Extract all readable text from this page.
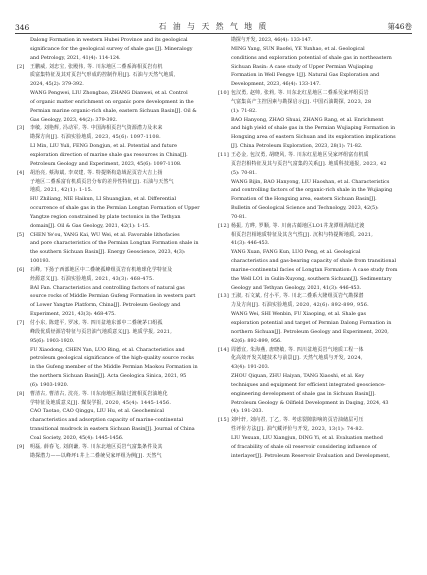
346	石 油 与 天 然 气 地 质	第46卷
Dalong Formation in western Hubei Province and its geological
significance for the geological survey of shale gas [J]. Mineralogy
and Petrology, 2021, 41(4): 114-124.
[2] 王鹏威, 刘忠宝, 张殿伟, 等. 川东地区二叠系海相页岩有机
质富集特征及其对页岩气形成的控制作用[J]. 石油与天然气地质,
2024, 45(2): 379-392.
WANG Pengwei, LIU Zhongbao, ZHANG Dianwei, et al. Control
of organic matter enrichment on organic pore development in the
Permian marine organic-rich shale, eastern Sichuan Basin[J]. Oil &
Gas Geology, 2023, 44(2): 379-392.
[3] 李敏, 刘艳辉, 冯动军, 等. 中国海相页岩气资源潜力及未来
勘探方向[J]. 石油实验地质, 2023, 45(6): 1097-1108.
LI Min, LIU Yuli, FENG Dongjun, et al. Potential and future
exploration direction of marine shale gas resources in China[J].
Petroleum Geology and Experiment, 2023, 45(6): 1097-1108.
[4] 胡治亮, 蔡海斌, 李双建, 等. 特提斯构造域泥页岩大吉上扬
子地区二叠系富有机质页岩分布的差异性特征[J]. 石油与天然气
地质, 2021, 42(1): 1-15.
HU Zhiliang, NIE Haikun, LI Shuangjian, et al. Differential
occurrence of shale gas in the Permian Longtan Formation of Upper
Yangtze region constrained by plate tectonics in the Tethyan
domain[J]. Oil & Gas Geology, 2021, 42(1): 1-15.
[5] CHEN Ye'ou, YANG Kai, WU Wei, et al. Favorable lithofacies
and pore characteristics of the Permian Longtan Formation shale in
the southern Sichuan Basin[J]. Energy Geoscience, 2023, 4(3):
100193.
[6] 石峰, 下扬子西部地区中二叠统孤峰组页岩有机地球化学特征及
烃源意义[J]. 石油实验地质, 2021, 43(3): 468-475.
BAI Fan. Characteristics and controlling factors of natural gas
source rocks of Middle Permian Gufeng Formation in western part
of Lower Yangtze Platform, China[J]. Petroleum Geology and
Experiment, 2021, 43(3): 468-475.
[7] 付小东, 陈建平, 罗冰, 等. 四川盆地东部中二叠统茅口组孤
峰段优质烃源岩特征与页岩油气地质意义[J]. 地质学报, 2021,
95(6): 1903-1920.
FU Xiaodong, CHEN Yan, LUO Bing, et al. Characteristics and
petroleum geological significance of the high-quality source rocks
in the Gufeng member of the Middle Permian Maokou Formation in
the northern Sichuan Basin[J]. Acta Geologica Sinica, 2021, 95
(6): 1903-1920.
[8] 曹清古, 曹清古, 沈亮, 等. 川东南地区海陆过渡相页岩油地化
学特征及地质意义[J]. 煤炭学报, 2020, 45(4): 1445-1456.
CAO Taotao, CAO Qinggu, LIU Hu, et al. Geochemical
characteristics and adsorption capacity of marine-continental
transitional mudrock in eastern Sichuan Basin[J]. Journal of China
Coal Society, 2020, 45(4): 1445-1456.
[9] 明磊, 薛春飞, 刘润谦, 等. 川东北地区页岩气富集条件及其
勘探潜力——以峰坪1井上二叠统吴家坪组为例[J]. 天然气
勘探与开发, 2023, 46(4): 133-147.
MING Yang, SUN Baofei, YE Yunhao, et al. Geological
conditions and exploration potential of shale gas in northeastern
Sichuan Basin: A case study of Upper Permian Wujiaping
Formation in Well Fengye 1[J]. Natural Gas Exploration and
Development, 2023, 46(4): 133-147.
[10] 包汉勇, 赵帅, 张莉, 等. 川东北红星地区二叠系吴家坪组页岩
气富集高产主控因素与勘探启示[J]. 中国石油勘探, 2023, 28
(1): 71-82.
BAO Hanyong, ZHAO Shuai, ZHANG Rang, et al. Enrichment
and high yield of shale gas in the Permian Wujiaping Formation in
Hongxing area of eastern Sichuan and its exploration implications
[J]. China Petroleum Exploration, 2023, 28(1): 71-82.
[11] 王必金, 包汉勇, 胡晓风, 等. 川东红星地区吴家坪组富有机质
页岩岩相特征及其与页岩气富集的关系[J]. 地质科技通报, 2023, 42
(5): 70-81.
WANG Bijin, BAO Hanyong, LIU Haoshan, et al. Characteristics
and controlling factors of the organic-rich shale in the Wujiaping
Formation of the Hongxing area, eastern Sichuan Basin[J].
Bulletin of Geological Science and Technology, 2023, 42(5):
70-81.
[12] 杨振, 方晔, 罗顺, 等. 川南古蔺地区LO1井龙潭组海陆过渡
相页岩岩相地质特征及其含气性[J]. 沉积与特提斯地质, 2021,
41(3): 446-453.
YANG Xuan, FANG Kun, LUO Peng, et al. Geological
characteristics and gas-bearing capacity of shale from transitional
marine-continental facies of Longtan Formation: A case study from
the Well LO1 in Gulin-Xuyong, southern Sichuan[J]. Sedimentary
Geology and Tethyan Geology, 2021, 41(3): 446-453.
[13] 王淑, 石文斌, 付小平, 等. 川北二叠系大隆组页岩气勘探潜
力及方向[J]. 石油实验地质, 2020, 42(6): 892-899, 956.
WANG Wei, SHI Wenbin, FU Xiaoping, et al. Shale gas
exploration potential and target of Permian Dalong Formation in
northern Sichuan[J]. Petroleum Geology and Experiment, 2020,
42(6): 892-899, 956.
[14] 周德宜, 朱海燕, 唐晓敏, 等. 四川盆地页岩气地质工程一体
化高效开发关键技术与前景[J]. 天然气地质与开发, 2024,
43(4): 191-203.
ZHOU Qiquan, ZHU Haiyan, TANG Xiaoshi, et al. Key
techniques and equipment for efficient integrated geoscience-
engineering development of shale gas in Sichuan Basin[J].
Petroleum Geology & Oilfield Development in Daqing, 2024, 43
(4): 191-203.
[15] 刘叶轩, 刘向君, 丁乙, 等. 考虑裂隙影响的页岩油储层可压
性评价方法[J]. 油气藏评价与开发, 2023, 13(1): 74-82.
LIU Yexuan, LIU Xiangjun, DING Yi, et al. Evaluation method
of fracability of shale oil reservoir considering influence of
interlayer[J]. Petroleum Reservoir Evaluation and Development,
